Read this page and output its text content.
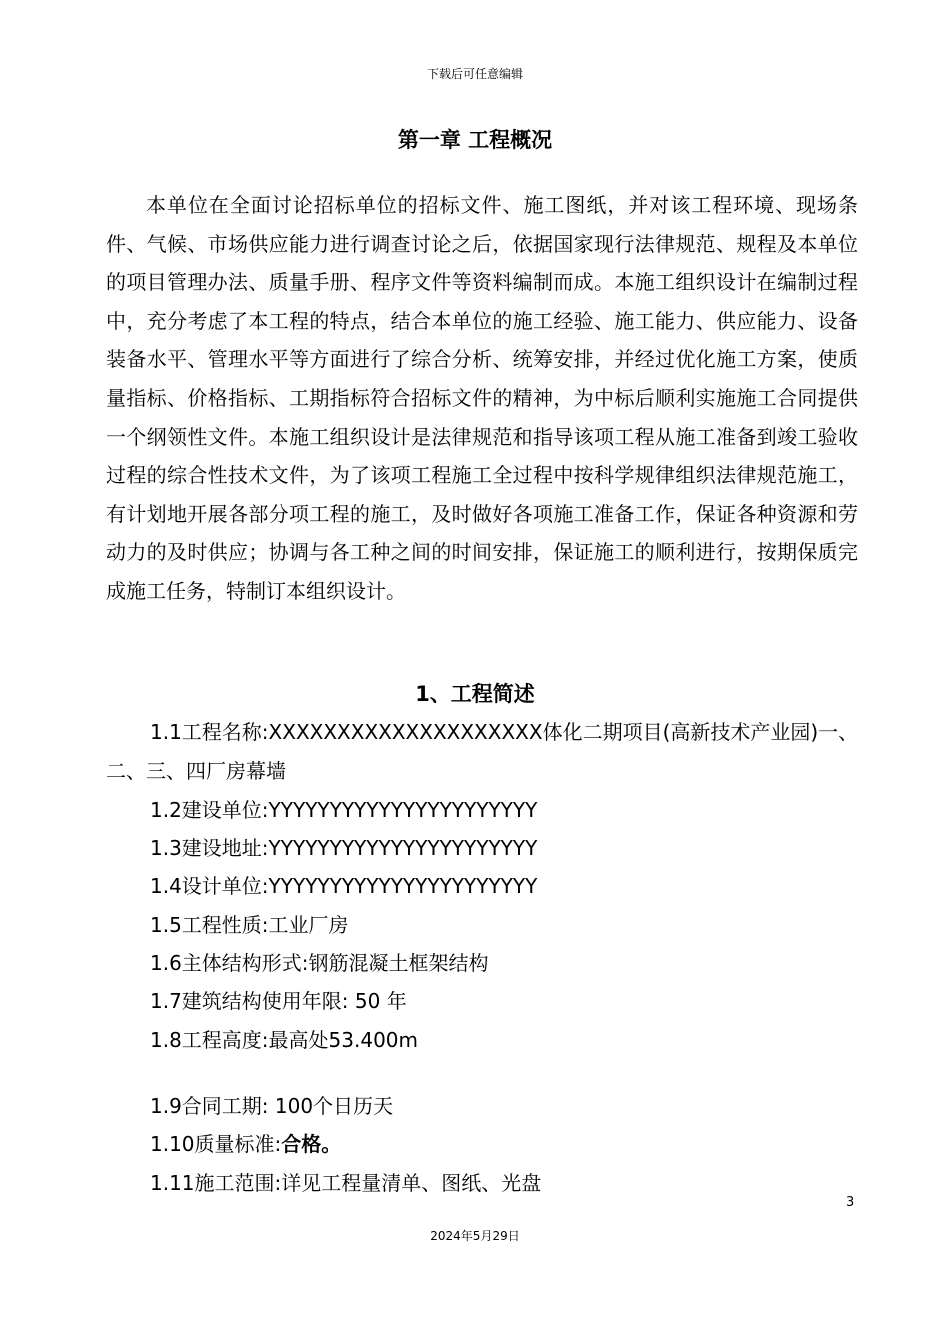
下载后可任意编辑
第一章 工程概况

本单位在全面讨论招标单位的招标文件、施工图纸，并对该工程环境、现场条件、气候、市场供应能力进行调查讨论之后，依据国家现行法律规范、规程及本单位的项目管理办法、质量手册、程序文件等资料编制而成。本施工组织设计在编制过程中，充分考虑了本工程的特点，结合本单位的施工经验、施工能力、供应能力、设备装备水平、管理水平等方面进行了综合分析、统筹安排，并经过优化施工方案，使质量指标、价格指标、工期指标符合招标文件的精神，为中标后顺利实施施工合同提供一个纲领性文件。本施工组织设计是法律规范和指导该项工程从施工准备到竣工验收过程的综合性技术文件，为了该项工程施工全过程中按科学规律组织法律规范施工，有计划地开展各部分项工程的施工，及时做好各项施工准备工作，保证各种资源和劳动力的及时供应；协调与各工种之间的时间安排，保证施工的顺利进行，按期保质完成施工任务，特制订本组织设计。

1、工程简述
1.1工程名称:XXXXXXXXXXXXXXXXXXXX体化二期项目(高新技术产业园)一、二、三、四厂房幕墙
1.2建设单位:YYYYYYYYYYYYYYYYYYYYYY
1.3建设地址:YYYYYYYYYYYYYYYYYYYYYY
1.4设计单位:YYYYYYYYYYYYYYYYYYYYYY
1.5工程性质:工业厂房
1.6主体结构形式:钢筋混凝土框架结构
1.7建筑结构使用年限: 50 年
1.8工程高度:最高处53.400m
1.9合同工期: 100个日历天
1.10质量标准:合格。
1.11施工范围:详见工程量清单、图纸、光盘
3
2024年5月29日
